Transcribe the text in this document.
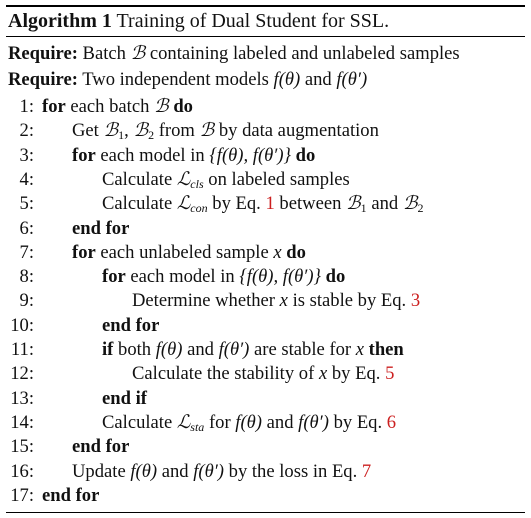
Algorithm 1 Training of Dual Student for SSL.
Require: Batch ℬ containing labeled and unlabeled samples
Require: Two independent models f(θ) and f(θ′)
1: for each batch ℬ do
2: Get ℬ$_1$, ℬ$_2$ from ℬ by data augmentation
3: for each model in {f(θ), f(θ′)} do
4:	Calculate ℒ$_{cls}$ on labeled samples
5:	Calculate ℒ$_{con}$ by Eq. 1 between ℬ$_1$ and ℬ$_2$
6: end for
7: for each unlabeled sample x do
8:	for each model in {f(θ), f(θ′)} do
9:	Determine whether x is stable by Eq. 3
10:	end for
11:	if both f(θ) and f(θ′) are stable for x then
12:	Calculate the stability of x by Eq. 5
13:	end if
14:	Calculate ℒ$_{sta}$ for f(θ) and f(θ′) by Eq. 6
15: end for
16: Update f(θ) and f(θ′) by the loss in Eq. 7
17: end for
